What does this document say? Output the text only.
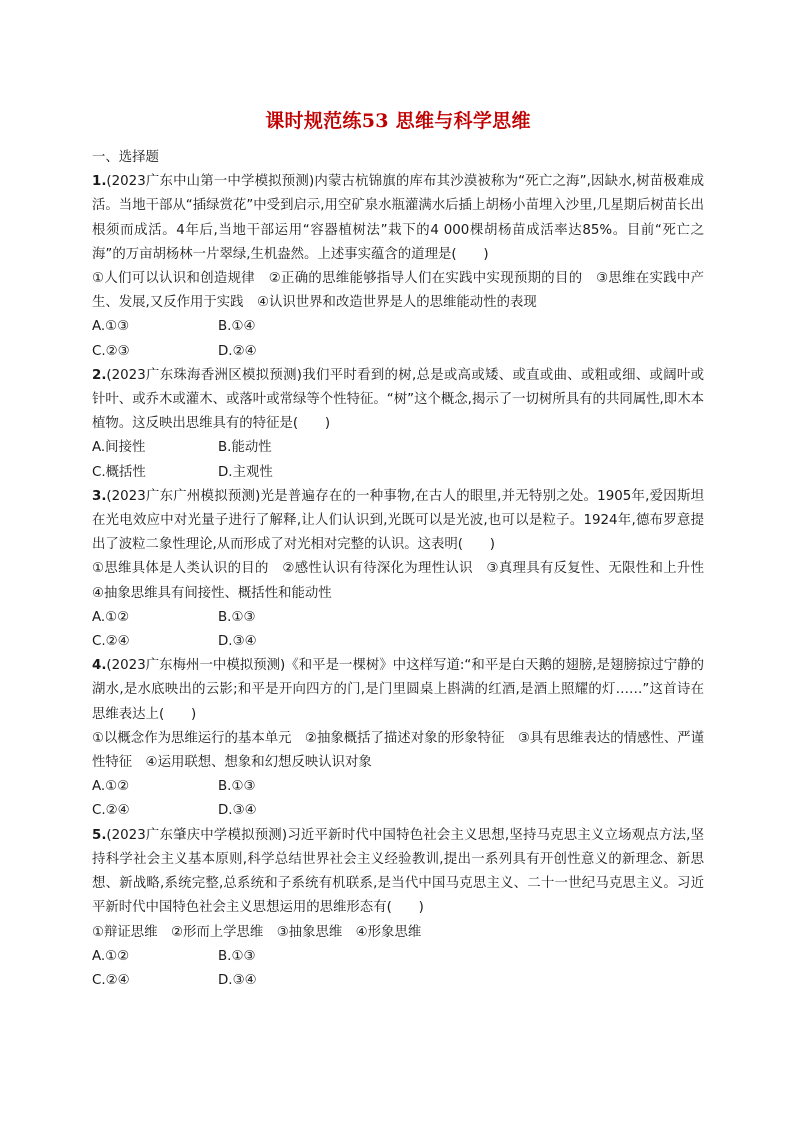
课时规范练53 思维与科学思维

一、选择题

1.(2023广东中山第一中学模拟预测)内蒙古杭锦旗的库布其沙漠被称为“死亡之海”,因缺水,树苗极难成活。当地干部从“插绿赏花”中受到启示,用空矿泉水瓶灌满水后插上胡杨小苗埋入沙里,几星期后树苗长出根须而成活。4年后,当地干部运用“容器植树法”栽下的4 000棵胡杨苗成活率达85%。目前“死亡之海”的万亩胡杨林一片翠绿,生机盎然。上述事实蕴含的道理是(　　)

①人们可以认识和创造规律　②正确的思维能够指导人们在实践中实现预期的目的　③思维在实践中产生、发展,又反作用于实践　④认识世界和改造世界是人的思维能动性的表现

A.①③	B.①④
C.②③	D.②④

2.(2023广东珠海香洲区模拟预测)我们平时看到的树,总是或高或矮、或直或曲、或粗或细、或阔叶或针叶、或乔木或灌木、或落叶或常绿等个性特征。“树”这个概念,揭示了一切树所具有的共同属性,即木本植物。这反映出思维具有的特征是(　　)

A.间接性	B.能动性
C.概括性	D.主观性

3.(2023广东广州模拟预测)光是普遍存在的一种事物,在古人的眼里,并无特别之处。1905年,爱因斯坦在光电效应中对光量子进行了解释,让人们认识到,光既可以是光波,也可以是粒子。1924年,德布罗意提出了波粒二象性理论,从而形成了对光相对完整的认识。这表明(　　)

①思维具体是人类认识的目的　②感性认识有待深化为理性认识　③真理具有反复性、无限性和上升性　④抽象思维具有间接性、概括性和能动性

A.①②	B.①③
C.②④	D.③④

4.(2023广东梅州一中模拟预测)《和平是一棵树》中这样写道:“和平是白天鹅的翅膀,是翅膀掠过宁静的湖水,是水底映出的云影;和平是开向四方的门,是门里圆桌上斟满的红酒,是酒上照耀的灯……”这首诗在思维表达上(　　)

①以概念作为思维运行的基本单元　②抽象概括了描述对象的形象特征　③具有思维表达的情感性、严谨性特征　④运用联想、想象和幻想反映认识对象

A.①②	B.①③
C.②④	D.③④

5.(2023广东肇庆中学模拟预测)习近平新时代中国特色社会主义思想,坚持马克思主义立场观点方法,坚持科学社会主义基本原则,科学总结世界社会主义经验教训,提出一系列具有开创性意义的新理念、新思想、新战略,系统完整,总系统和子系统有机联系,是当代中国马克思主义、二十一世纪马克思主义。习近平新时代中国特色社会主义思想运用的思维形态有(　　)

①辩证思维　②形而上学思维　③抽象思维　④形象思维

A.①②	B.①③
C.②④	D.③④
